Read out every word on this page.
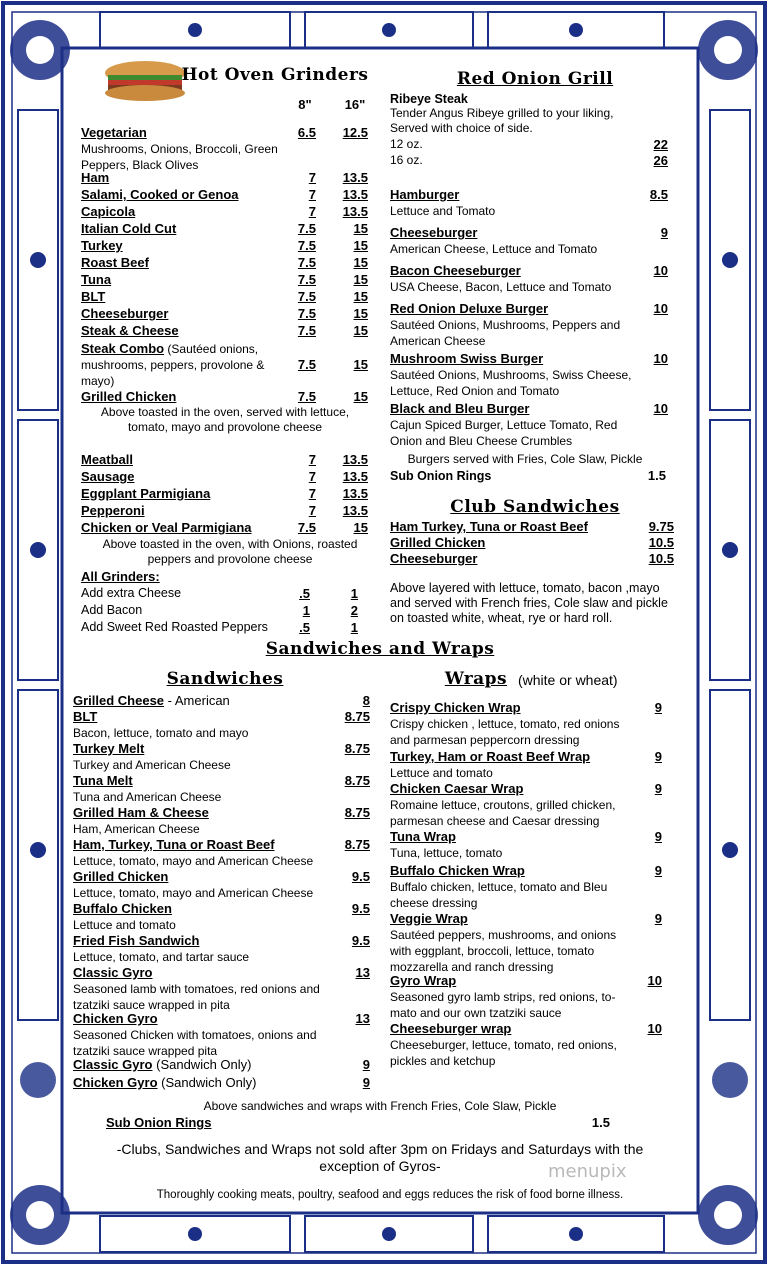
Hot Oven Grinders
8"	16"
Vegetarian
Mushrooms, Onions, Broccoli, Green Peppers, Black Olives
6.5	12.5
Ham	7	13.5
Salami, Cooked or Genoa	7	13.5
Capicola	7	13.5
Italian Cold Cut	7.5	15
Turkey	7.5	15
Roast Beef	7.5	15
Tuna	7.5	15
BLT	7.5	15
Cheeseburger	7.5	15
Steak & Cheese	7.5	15
Steak Combo (Sautéed onions, mushrooms, peppers, provolone & mayo)
7.5	15
Grilled Chicken	7.5	15
Above toasted in the oven, served with lettuce, tomato, mayo and provolone cheese
Meatball	7	13.5
Sausage	7	13.5
Eggplant Parmigiana	7	13.5
Pepperoni	7	13.5
Chicken or Veal Parmigiana	7.5	15
Above toasted in the oven, with Onions, roasted peppers and provolone cheese
All Grinders:
Add extra Cheese	.5	1
Add Bacon	1	2
Add Sweet Red Roasted Peppers	.5	1
Red Onion Grill
Ribeye Steak
Tender Angus Ribeye grilled to your liking, Served with choice of side.
12 oz.	22
16 oz.	26
Hamburger
Lettuce and Tomato
8.5
Cheeseburger
American Cheese, Lettuce and Tomato
9
Bacon Cheeseburger
USA Cheese, Bacon, Lettuce and Tomato
10
Red Onion Deluxe Burger
Sautéed Onions, Mushrooms, Peppers and American Cheese
10
Mushroom Swiss Burger
Sautéed Onions, Mushrooms, Swiss Cheese, Lettuce, Red Onion and Tomato
10
Black and Bleu Burger
Cajun Spiced Burger, Lettuce Tomato, Red Onion and Bleu Cheese Crumbles
10
Burgers served with Fries, Cole Slaw, Pickle
Sub Onion Rings	1.5
Club Sandwiches
Ham Turkey, Tuna or Roast Beef	9.75
Grilled Chicken	10.5
Cheeseburger	10.5
Above layered with lettuce, tomato, bacon ,mayo and served with French fries, Cole slaw and pickle on toasted white, wheat, rye or hard roll.
Sandwiches and Wraps
Sandwiches	Wraps (white or wheat)
Grilled Cheese - American	8
BLT
Bacon, lettuce, tomato and mayo
8.75
Turkey Melt
Turkey and American Cheese
8.75
Tuna Melt
Tuna and American Cheese
8.75
Grilled Ham & Cheese
Ham, American Cheese
8.75
Ham, Turkey, Tuna or Roast Beef
Lettuce, tomato, mayo and American Cheese
8.75
Grilled Chicken
Lettuce, tomato, mayo and American Cheese
9.5
Buffalo Chicken
Lettuce and tomato
9.5
Fried Fish Sandwich
Lettuce, tomato, and tartar sauce
9.5
Classic Gyro
Seasoned lamb with tomatoes, red onions and tzatziki sauce wrapped in pita
13
Chicken Gyro
Seasoned Chicken with tomatoes, onions and tzatziki sauce wrapped pita
13
Classic Gyro (Sandwich Only)	9
Chicken Gyro (Sandwich Only)	9
Crispy Chicken Wrap
Crispy chicken , lettuce, tomato, red onions and parmesan peppercorn dressing
9
Turkey, Ham or Roast Beef Wrap
Lettuce and tomato
9
Chicken Caesar Wrap
Romaine lettuce, croutons, grilled chicken, parmesan cheese and Caesar dressing
9
Tuna Wrap
Tuna, lettuce, tomato
9
Buffalo Chicken Wrap
Buffalo chicken, lettuce, tomato and Bleu cheese dressing
9
Veggie Wrap
Sautéed peppers, mushrooms, and onions with eggplant, broccoli, lettuce, tomato mozzarella and ranch dressing
9
Gyro Wrap
Seasoned gyro lamb strips, red onions, to-mato and our own tzatziki sauce
10
Cheeseburger wrap
Cheeseburger, lettuce, tomato, red onions, pickles and ketchup
10
Above sandwiches and wraps with French Fries, Cole Slaw, Pickle
Sub Onion Rings	1.5
-Clubs, Sandwiches and Wraps not sold after 3pm on Fridays and Saturdays with the exception of Gyros-
Thoroughly cooking meats, poultry, seafood and eggs reduces the risk of food borne illness.
menupix
